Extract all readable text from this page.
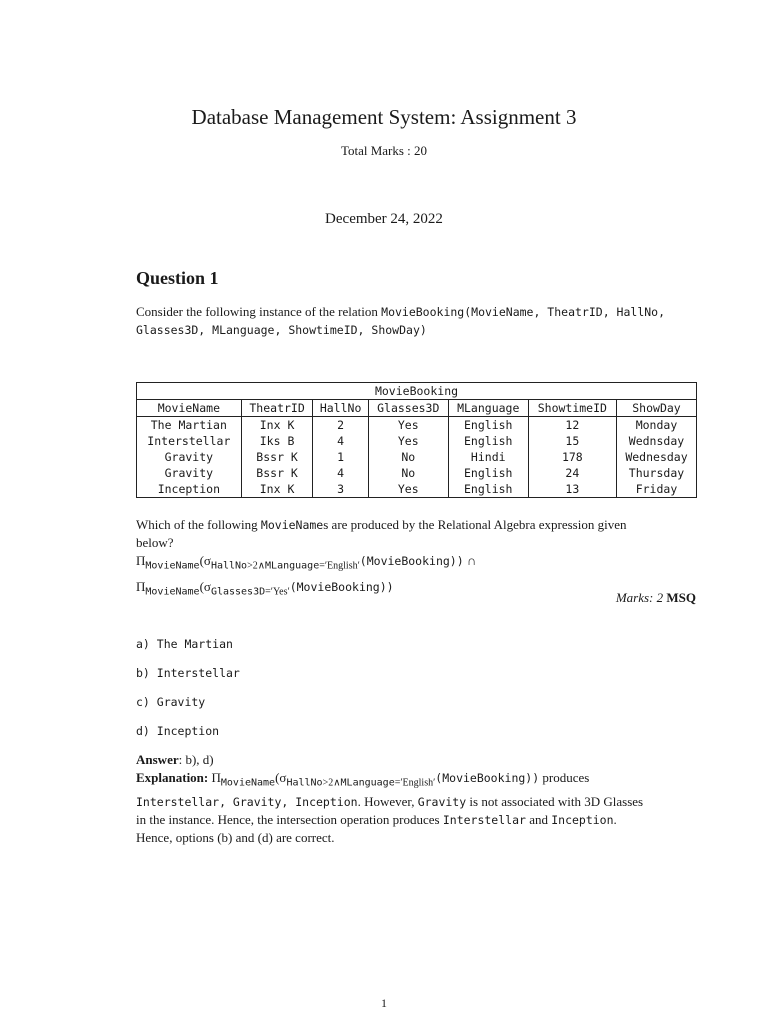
Database Management System: Assignment 3
Total Marks : 20
December 24, 2022
Question 1
Consider the following instance of the relation MovieBooking(MovieName, TheatrID, HallNo,
Glasses3D, MLanguage, ShowtimeID, ShowDay)
MovieBooking						
MovieName	TheatrID	HallNo	Glasses3D	MLanguage	ShowtimeID	ShowDay
The Martian	Inx K	2	Yes	English	12	Monday
Interstellar	Iks B	4	Yes	English	15	Wednsday
Gravity	Bssr K	1	No	Hindi	178	Wednesday
Gravity	Bssr K	4	No	English	24	Thursday
Inception	Inx K	3	Yes	English	13	Friday
Which of the following MovieNames are produced by the Relational Algebra expression given
below?
$\Pi_{MovieName}(\sigma_{HallNo>2\wedge MLanguage='English'}(MovieBooking))$ ∩
$\Pi_{MovieName}(\sigma_{Glasses3D='Yes'}(MovieBooking))$
Marks: 2 MSQ
a) The Martian
b) Interstellar
c) Gravity
d) Inception
Answer: b), d)
Explanation: $\Pi_{MovieName}(\sigma_{HallNo>2\wedge MLanguage='English'}(MovieBooking))$ produces
Interstellar, Gravity, Inception. However, Gravity is not associated with 3D Glasses
in the instance. Hence, the intersection operation produces Interstellar and Inception.
Hence, options (b) and (d) are correct.
1
